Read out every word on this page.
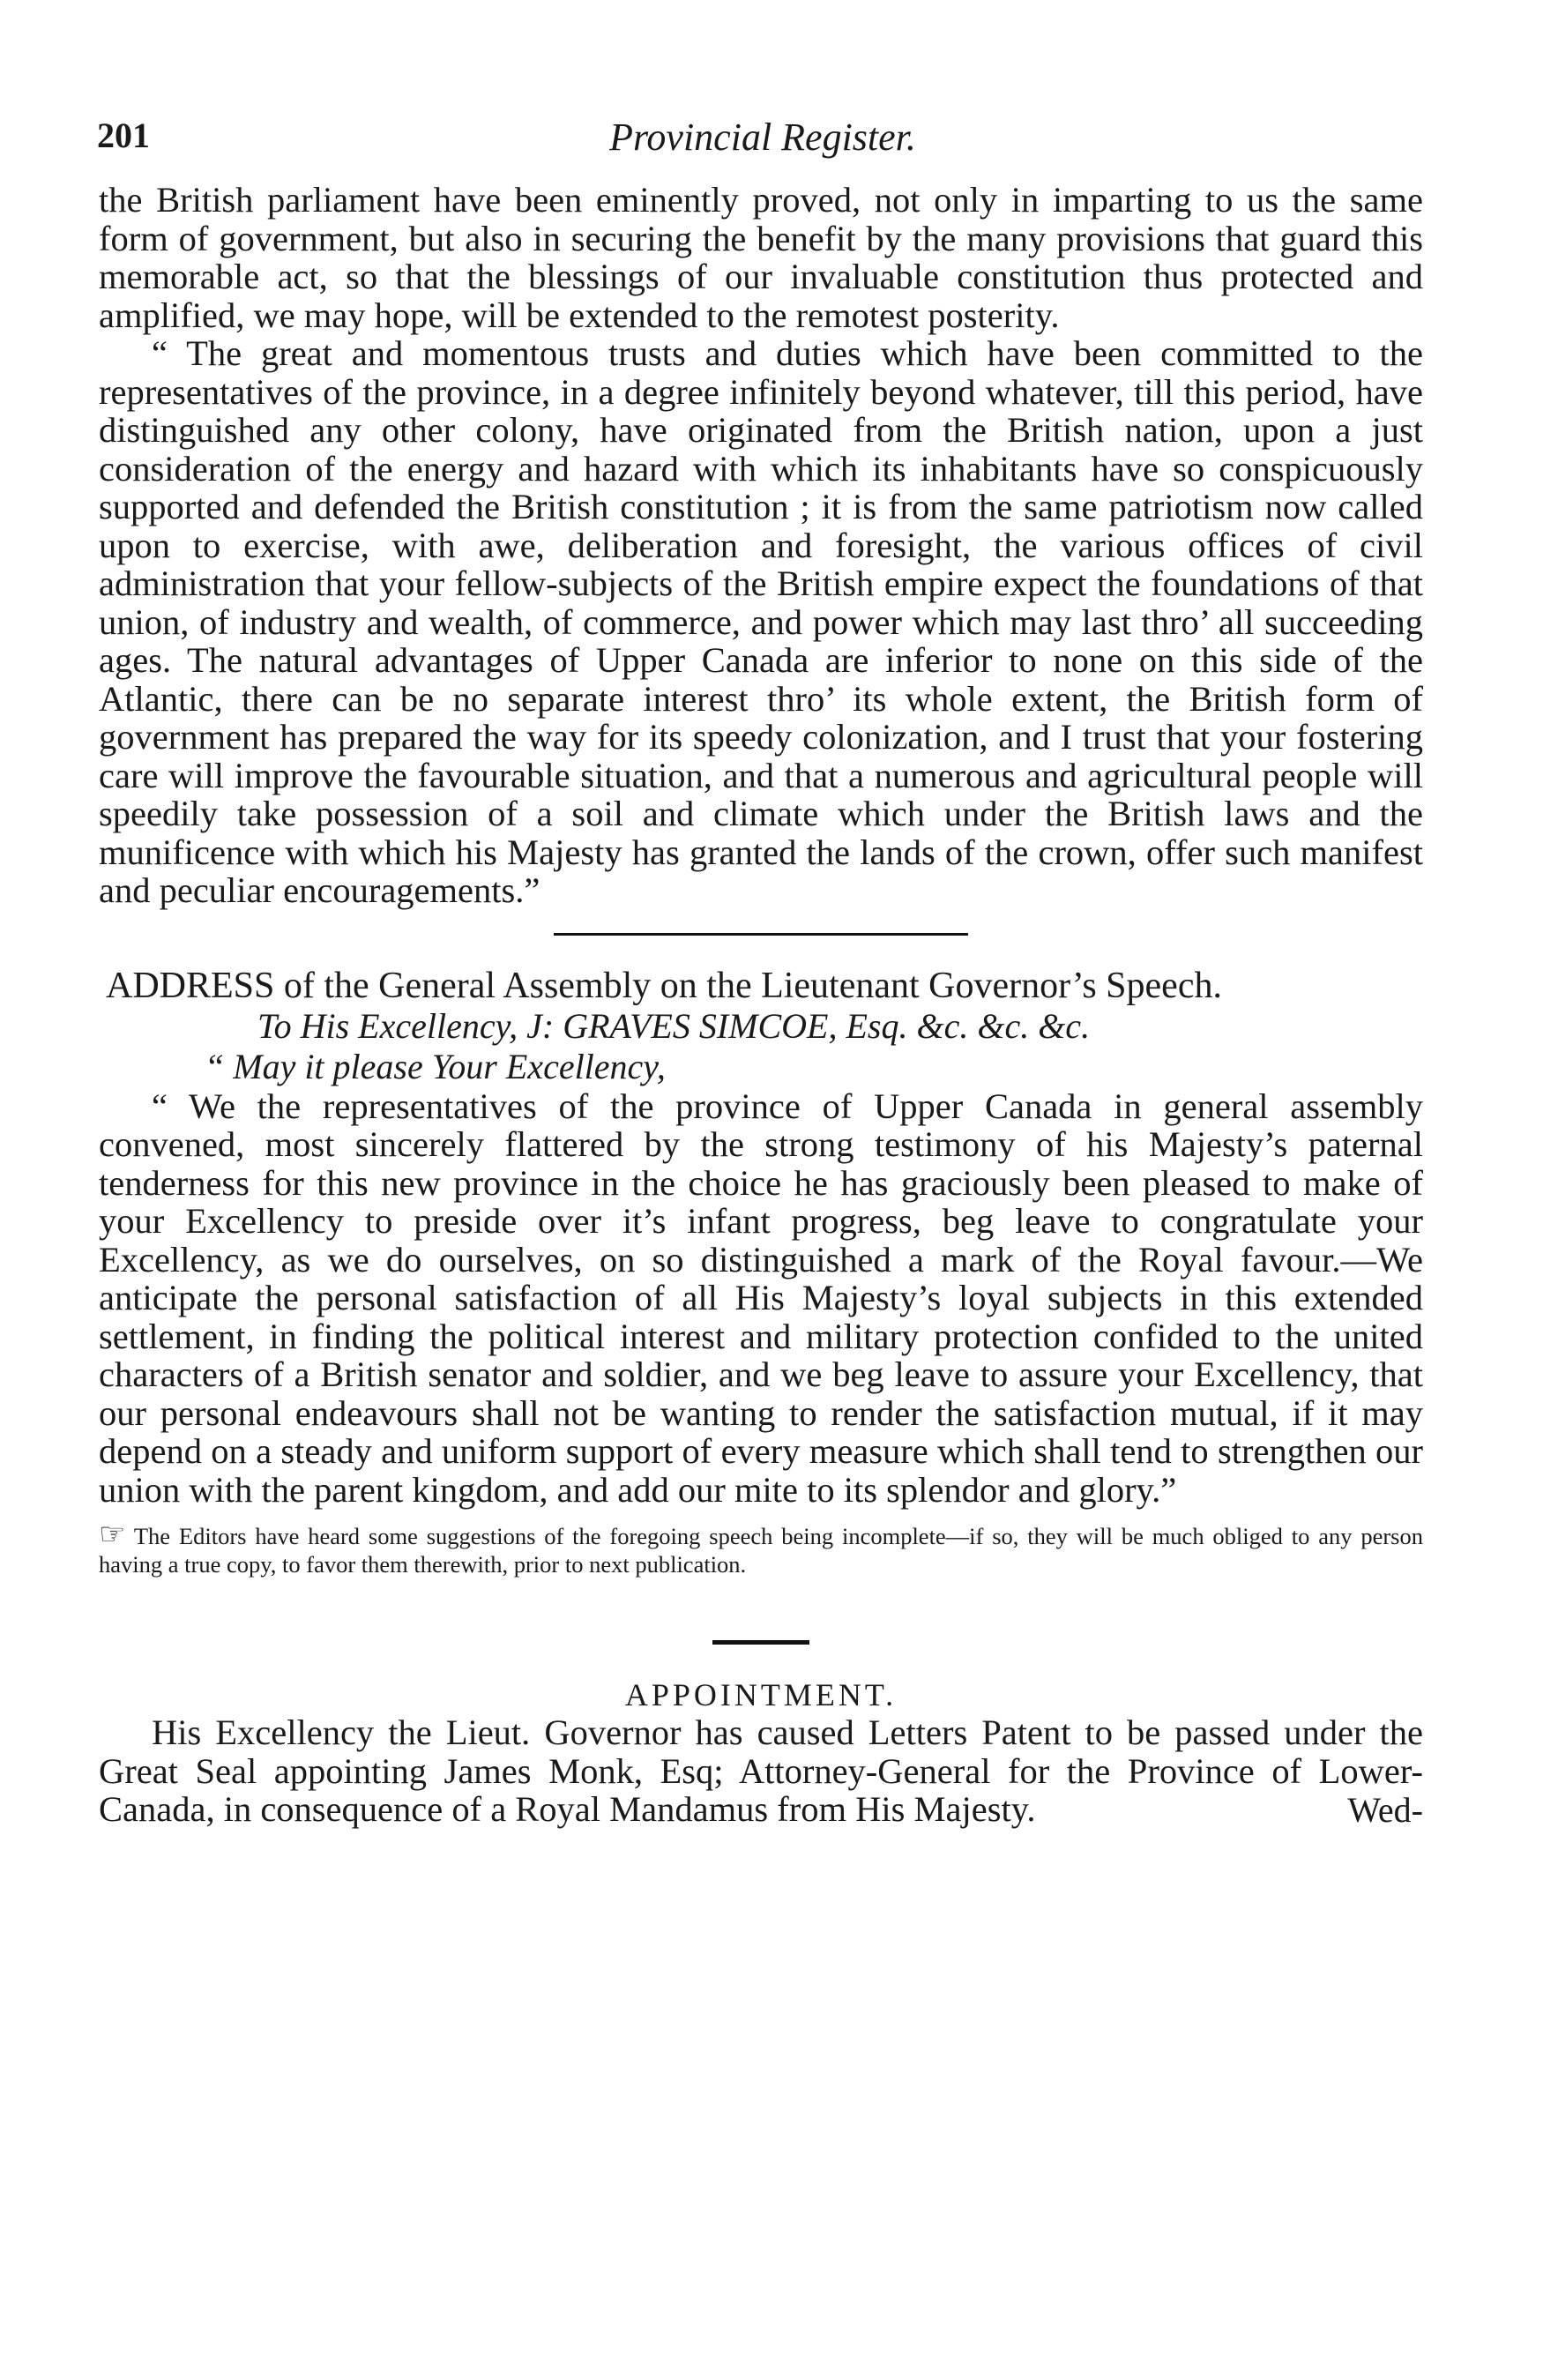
201	Provincial Register.

the British parliament have been eminently proved, not only in imparting to us the same form of government, but also in securing the benefit by the many provisions that guard this memorable act, so that the blessings of our invaluable constitution thus protected and amplified, we may hope, will be extended to the remotest posterity.

“ The great and momentous trusts and duties which have been committed to the representatives of the province, in a degree infinitely beyond whatever, till this period, have distinguished any other colony, have originated from the British nation, upon a just consideration of the energy and hazard with which its inhabitants have so conspicuously supported and defended the British constitution ; it is from the same patriotism now called upon to exercise, with awe, deliberation and foresight, the various offices of civil administration that your fellow-subjects of the British empire expect the foundations of that union, of industry and wealth, of commerce, and power which may last thro’ all succeeding ages. The natural advantages of Upper Canada are inferior to none on this side of the Atlantic, there can be no separate interest thro’ its whole extent, the British form of government has prepared the way for its speedy colonization, and I trust that your fostering care will improve the favourable situation, and that a numerous and agricultural people will speedily take possession of a soil and climate which under the British laws and the munificence with which his Majesty has granted the lands of the crown, offer such manifest and peculiar encouragements.”

ADDRESS of the General Assembly on the Lieutenant Governor’s Speech.

To His Excellency, J: GRAVES SIMCOE, Esq. &c. &c. &c.

“ May it please Your Excellency,

“ We the representatives of the province of Upper Canada in general assembly convened, most sincerely flattered by the strong testimony of his Majesty’s paternal tenderness for this new province in the choice he has graciously been pleased to make of your Excellency to preside over it’s infant progress, beg leave to congratulate your Excellency, as we do ourselves, on so distinguished a mark of the Royal favour.—We anticipate the personal satisfaction of all His Majesty’s loyal subjects in this extended settlement, in finding the political interest and military protection confided to the united characters of a British senator and soldier, and we beg leave to assure your Excellency, that our personal endeavours shall not be wanting to render the satisfaction mutual, if it may depend on a steady and uniform support of every measure which shall tend to strengthen our union with the parent kingdom, and add our mite to its splendor and glory.”

☞ The Editors have heard some suggestions of the foregoing speech being incomplete—if so, they will be much obliged to any person having a true copy, to favor them therewith, prior to next publication.

APPOINTMENT.

His Excellency the Lieut. Governor has caused Letters Patent to be passed under the Great Seal appointing James Monk, Esq; Attorney-General for the Province of Lower-Canada, in consequence of a Royal Mandamus from His Majesty.	Wed-
